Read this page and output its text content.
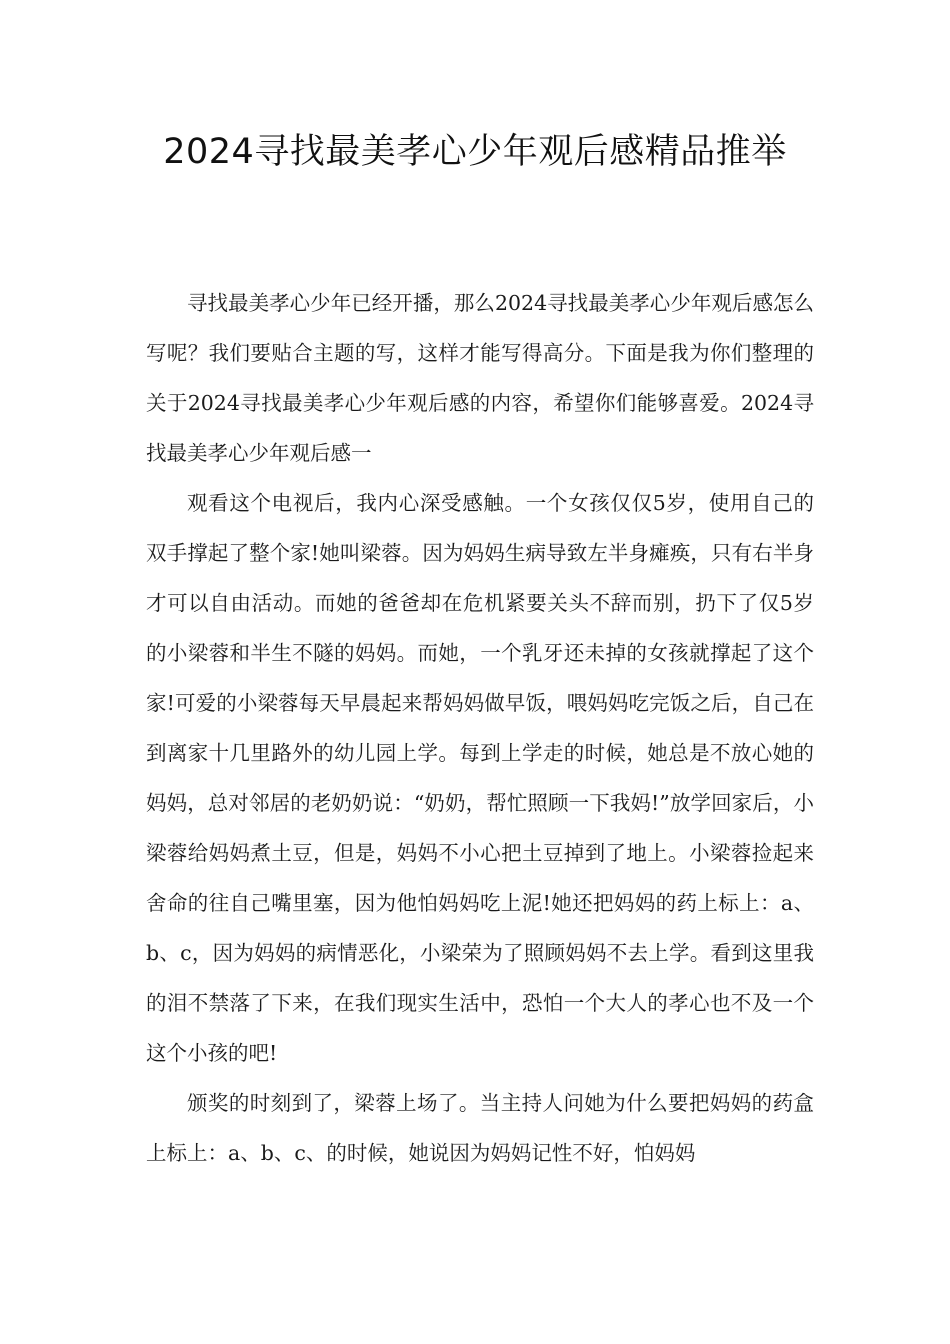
2024寻找最美孝心少年观后感精品推举

寻找最美孝心少年已经开播，那么2024寻找最美孝心少年观后感怎么写呢？我们要贴合主题的写，这样才能写得高分。下面是我为你们整理的关于2024寻找最美孝心少年观后感的内容，希望你们能够喜爱。2024寻找最美孝心少年观后感一

观看这个电视后，我内心深受感触。一个女孩仅仅5岁，使用自己的双手撑起了整个家!她叫梁蓉。因为妈妈生病导致左半身瘫痪，只有右半身才可以自由活动。而她的爸爸却在危机紧要关头不辞而别，扔下了仅5岁的小梁蓉和半生不隧的妈妈。而她，一个乳牙还未掉的女孩就撑起了这个家!可爱的小梁蓉每天早晨起来帮妈妈做早饭，喂妈妈吃完饭之后，自己在到离家十几里路外的幼儿园上学。每到上学走的时候，她总是不放心她的妈妈，总对邻居的老奶奶说：“奶奶，帮忙照顾一下我妈!”放学回家后，小梁蓉给妈妈煮土豆，但是，妈妈不小心把土豆掉到了地上。小梁蓉捡起来舍命的往自己嘴里塞，因为他怕妈妈吃上泥!她还把妈妈的药上标上：a、b、c，因为妈妈的病情恶化，小梁荣为了照顾妈妈不去上学。看到这里我的泪不禁落了下来，在我们现实生活中，恐怕一个大人的孝心也不及一个这个小孩的吧!

颁奖的时刻到了，梁蓉上场了。当主持人问她为什么要把妈妈的药盒上标上：a、b、c、的时候，她说因为妈妈记性不好，怕妈妈
